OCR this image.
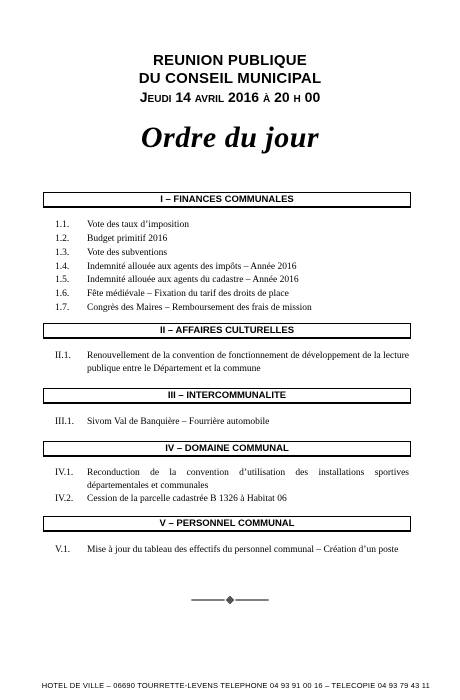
REUNION PUBLIQUE
DU CONSEIL MUNICIPAL
Jeudi 14 avril 2016 à 20 h 00
Ordre du jour
I – FINANCES COMMUNALES
1.1. Vote des taux d’imposition
1.2. Budget primitif 2016
1.3. Vote des subventions
1.4. Indemnité allouée aux agents des impôts – Année 2016
1.5. Indemnité allouée aux agents du cadastre – Année 2016
1.6. Fête médiévale – Fixation du tarif des droits de place
1.7. Congrès des Maires – Remboursement des frais de mission
II – AFFAIRES CULTURELLES
II.1. Renouvellement de la convention de fonctionnement de développement de la lecture publique entre le Département et la commune
III – INTERCOMMUNALITE
III.1. Sivom Val de Banquière – Fourrière automobile
IV – DOMAINE COMMUNAL
IV.1. Reconduction de la convention d’utilisation des installations sportives départementales et communales
IV.2. Cession de la parcelle cadastrée B 1326 à Habitat 06
V – PERSONNEL COMMUNAL
V.1. Mise à jour du tableau des effectifs du personnel communal – Création d’un poste
HOTEL DE VILLE – 06690 TOURRETTE-LEVENS TELEPHONE 04 93 91 00 16 – TELECOPIE 04 93 79 43 11
